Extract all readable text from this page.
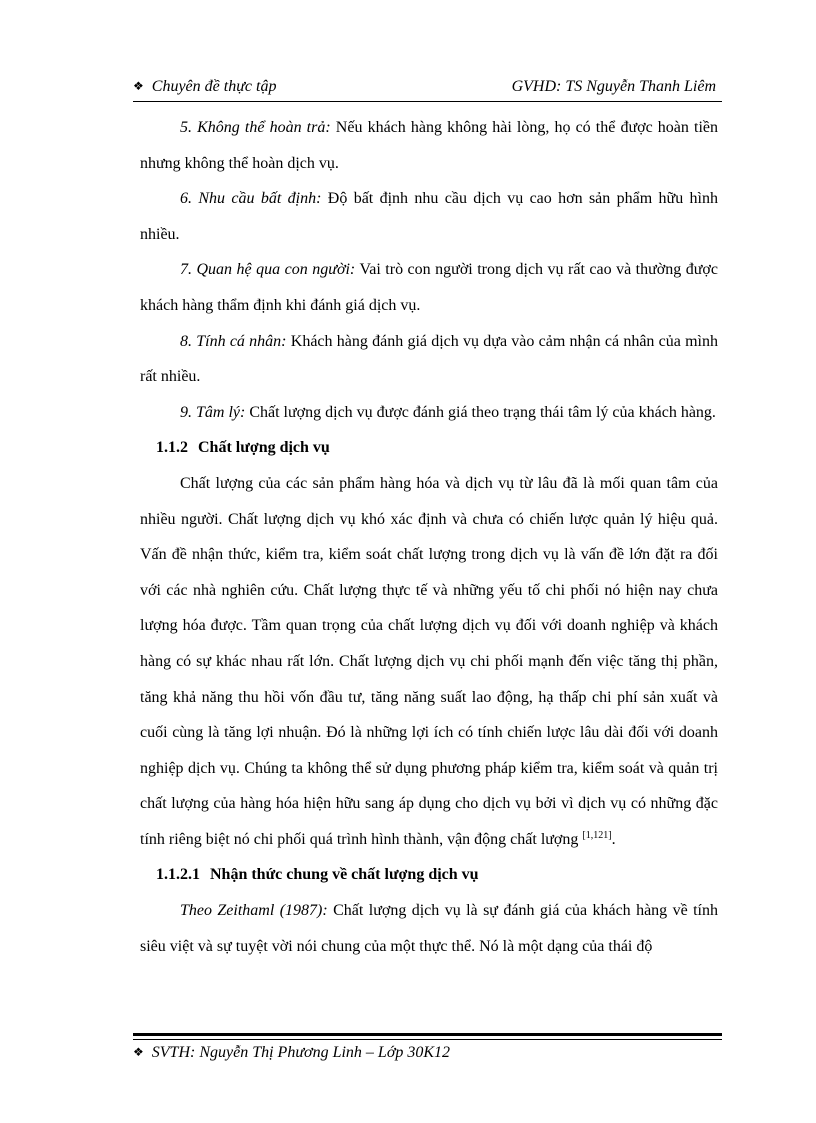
❖ Chuyên đề thực tập	GVHD: TS Nguyễn Thanh Liêm

5. Không thể hoàn trả: Nếu khách hàng không hài lòng, họ có thể được hoàn tiền nhưng không thể hoàn dịch vụ.

6. Nhu cầu bất định: Độ bất định nhu cầu dịch vụ cao hơn sản phẩm hữu hình nhiều.

7. Quan hệ qua con người: Vai trò con người trong dịch vụ rất cao và thường được khách hàng thẩm định khi đánh giá dịch vụ.

8. Tính cá nhân: Khách hàng đánh giá dịch vụ dựa vào cảm nhận cá nhân của mình rất nhiều.

9. Tâm lý: Chất lượng dịch vụ được đánh giá theo trạng thái tâm lý của khách hàng.

1.1.2 Chất lượng dịch vụ

Chất lượng của các sản phẩm hàng hóa và dịch vụ từ lâu đã là mối quan tâm của nhiều người. Chất lượng dịch vụ khó xác định và chưa có chiến lược quản lý hiệu quả. Vấn đề nhận thức, kiểm tra, kiểm soát chất lượng trong dịch vụ là vấn đề lớn đặt ra đối với các nhà nghiên cứu. Chất lượng thực tế và những yếu tố chi phối nó hiện nay chưa lượng hóa được. Tầm quan trọng của chất lượng dịch vụ đối với doanh nghiệp và khách hàng có sự khác nhau rất lớn. Chất lượng dịch vụ chi phối mạnh đến việc tăng thị phần, tăng khả năng thu hồi vốn đầu tư, tăng năng suất lao động, hạ thấp chi phí sản xuất và cuối cùng là tăng lợi nhuận. Đó là những lợi ích có tính chiến lược lâu dài đối với doanh nghiệp dịch vụ. Chúng ta không thể sử dụng phương pháp kiểm tra, kiểm soát và quản trị chất lượng của hàng hóa hiện hữu sang áp dụng cho dịch vụ bởi vì dịch vụ có những đặc tính riêng biệt nó chi phối quá trình hình thành, vận động chất lượng [1,121].

1.1.2.1 Nhận thức chung về chất lượng dịch vụ

Theo Zeithaml (1987): Chất lượng dịch vụ là sự đánh giá của khách hàng về tính siêu việt và sự tuyệt vời nói chung của một thực thể. Nó là một dạng của thái độ

❖ SVTH: Nguyễn Thị Phương Linh – Lớp 30K12
